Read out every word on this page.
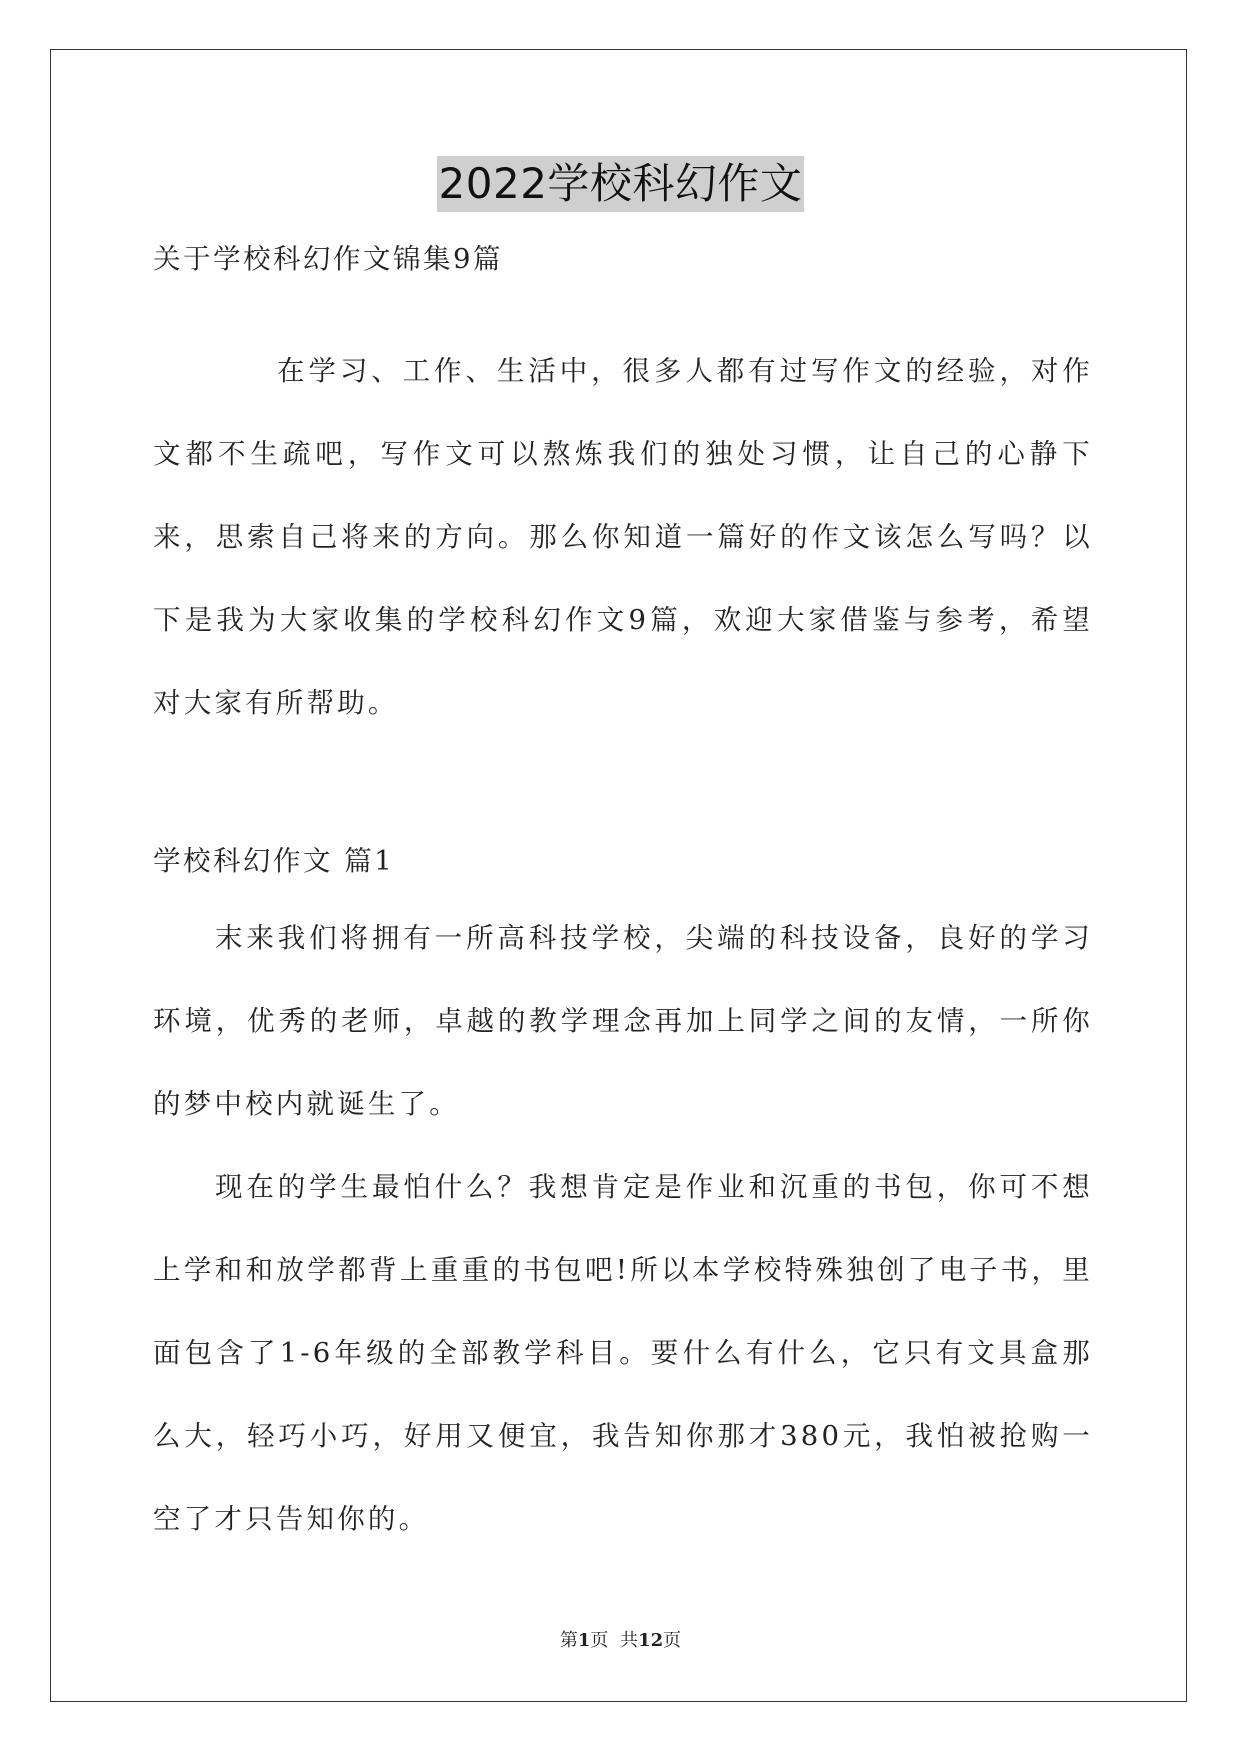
2022学校科幻作文
关于学校科幻作文锦集9篇

在学习、工作、生活中，很多人都有过写作文的经验，对作文都不生疏吧，写作文可以熬炼我们的独处习惯，让自己的心静下来，思索自己将来的方向。那么你知道一篇好的作文该怎么写吗？以下是我为大家收集的学校科幻作文9篇，欢迎大家借鉴与参考，希望对大家有所帮助。

学校科幻作文 篇1

末来我们将拥有一所高科技学校，尖端的科技设备，良好的学习环境，优秀的老师，卓越的教学理念再加上同学之间的友情，一所你的梦中校内就诞生了。

现在的学生最怕什么？我想肯定是作业和沉重的书包，你可不想上学和和放学都背上重重的书包吧!所以本学校特殊独创了电子书，里面包含了1-6年级的全部教学科目。要什么有什么，它只有文具盒那么大，轻巧小巧，好用又便宜，我告知你那才380元，我怕被抢购一空了才只告知你的。

第1页 共12页
